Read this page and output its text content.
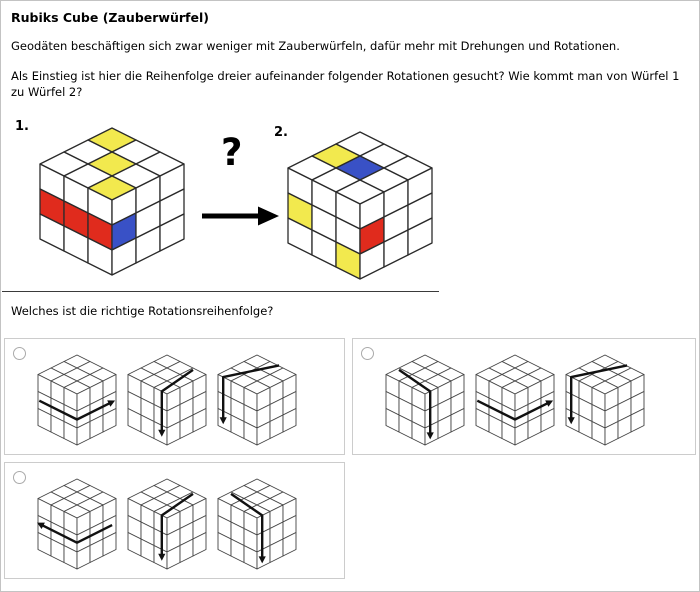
Rubiks Cube (Zauberwürfel)

Geodäten beschäftigen sich zwar weniger mit Zauberwürfeln, dafür mehr mit Drehungen und Rotationen.

Als Einstieg ist hier die Reihenfolge dreier aufeinander folgender Rotationen gesucht? Wie kommt man von Würfel 1 zu Würfel 2?

1.
? 2.

Welches ist die richtige Rotationsreihenfolge?
